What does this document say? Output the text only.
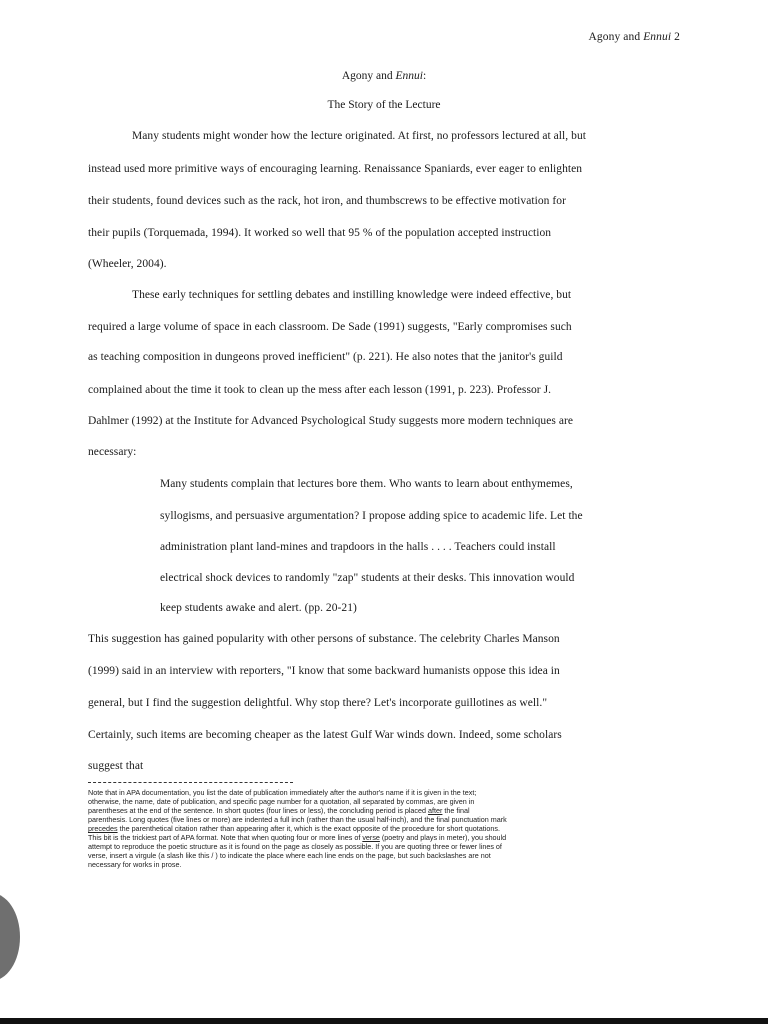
Agony and Ennui 2
Agony and Ennui:
The Story of the Lecture
Many students might wonder how the lecture originated. At first, no professors lectured at all, but
instead used more primitive ways of encouraging learning. Renaissance Spaniards, ever eager to enlighten
their students, found devices such as the rack, hot iron, and thumbscrews to be effective motivation for
their pupils (Torquemada, 1994). It worked so well that 95 % of the population accepted instruction
(Wheeler, 2004).
These early techniques for settling debates and instilling knowledge were indeed effective, but
required a large volume of space in each classroom. De Sade (1991) suggests, "Early compromises such
as teaching composition in dungeons proved inefficient" (p. 221). He also notes that the janitor's guild
complained about the time it took to clean up the mess after each lesson (1991, p. 223). Professor J.
Dahlmer (1992) at the Institute for Advanced Psychological Study suggests more modern techniques are
necessary:
Many students complain that lectures bore them. Who wants to learn about enthymemes,
syllogisms, and persuasive argumentation? I propose adding spice to academic life. Let the
administration plant land-mines and trapdoors in the halls . . . . Teachers could install
electrical shock devices to randomly "zap" students at their desks. This innovation would
keep students awake and alert. (pp. 20-21)
This suggestion has gained popularity with other persons of substance. The celebrity Charles Manson
(1999) said in an interview with reporters, "I know that some backward humanists oppose this idea in
general, but I find the suggestion delightful. Why stop there? Let's incorporate guillotines as well."
Certainly, such items are becoming cheaper as the latest Gulf War winds down. Indeed, some scholars
suggest that
Note that in APA documentation, you list the date of publication immediately after the author's name if it is given in the text;
otherwise, the name, date of publication, and specific page number for a quotation, all separated by commas, are given in
parentheses at the end of the sentence. In short quotes (four lines or less), the concluding period is placed after the final
parenthesis. Long quotes (five lines or more) are indented a full inch (rather than the usual half-inch), and the final punctuation mark
precedes the parenthetical citation rather than appearing after it, which is the exact opposite of the procedure for short quotations.
This bit is the trickiest part of APA format. Note that when quoting four or more lines of verse (poetry and plays in meter), you should
attempt to reproduce the poetic structure as it is found on the page as closely as possible. If you are quoting three or fewer lines of
verse, insert a virgule (a slash like this / ) to indicate the place where each line ends on the page, but such backslashes are not
necessary for works in prose.
